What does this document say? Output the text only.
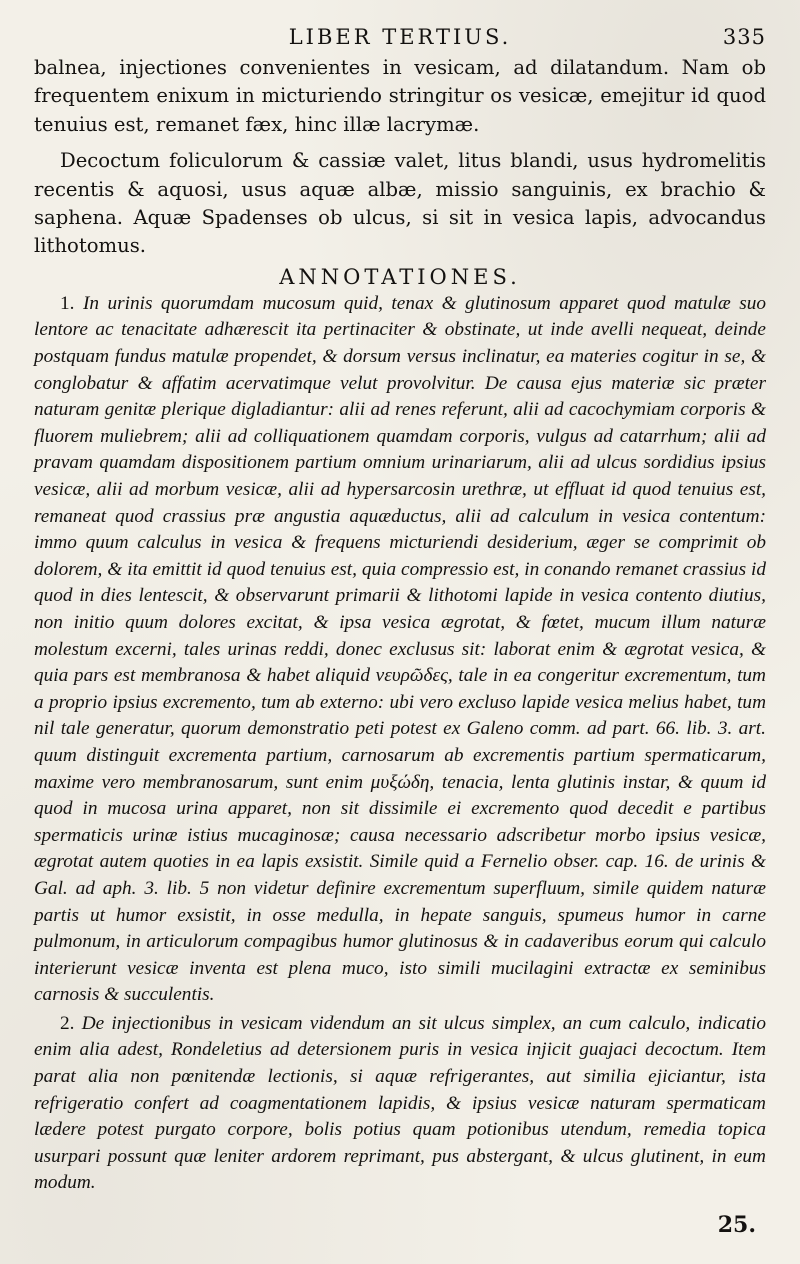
LIBER TERTIUS.	335

balnea, injectiones convenientes in vesicam, ad dilatandum. Nam ob frequentem enixum in micturiendo stringitur os vesicæ, emejitur id quod tenuius est, remanet fæx, hinc illæ lacrymæ.

Decoctum foliculorum & cassiæ valet, litus blandi, usus hydromelitis recentis & aquosi, usus aquæ albæ, missio sanguinis, ex brachio & saphena. Aquæ Spadenses ob ulcus, si sit in vesica lapis, advocandus lithotomus.

ANNOTATIONES.

1. In urinis quorumdam mucosum quid, tenax & glutinosum apparet quod matulæ suo lentore ac tenacitate adhærescit ita pertinaciter & obstinate, ut inde avelli nequeat, deinde postquam fundus matulæ propendet, & dorsum versus inclinatur, ea materies cogitur in se, & conglobatur & affatim acervatimque velut provolvitur. De causa ejus materiæ sic præter naturam genitæ plerique digladiantur: alii ad renes referunt, alii ad cacochymiam corporis & fluorem muliebrem; alii ad colliquationem quamdam corporis, vulgus ad catarrhum; alii ad pravam quamdam dispositionem partium omnium urinariarum, alii ad ulcus sordidius ipsius vesicæ, alii ad morbum vesicæ, alii ad hypersarcosin urethræ, ut effluat id quod tenuius est, remaneat quod crassius præ angustia aquæductus, alii ad calculum in vesica contentum: immo quum calculus in vesica & frequens micturiendi desiderium, æger se comprimit ob dolorem, & ita emittit id quod tenuius est, quia compressio est, in conando remanet crassius id quod in dies lentescit, & observarunt primarii & lithotomi lapide in vesica contento diutius, non initio quum dolores excitat, & ipsa vesica ægrotat, & fœtet, mucum illum naturæ molestum excerni, tales urinas reddi, donec exclusus sit: laborat enim & ægrotat vesica, & quia pars est membranosa & habet aliquid νευρῶδες, tale in ea congeritur excrementum, tum a proprio ipsius excremento, tum ab externo: ubi vero excluso lapide vesica melius habet, tum nil tale generatur, quorum demonstratio peti potest ex Galeno comm. ad part. 66. lib. 3. art. quum distinguit excrementa partium, carnosarum ab excrementis partium spermaticarum, maxime vero membranosarum, sunt enim μυξώδη, tenacia, lenta glutinis instar, & quum id quod in mucosa urina apparet, non sit dissimile ei excremento quod decedit e partibus spermaticis urinæ istius mucaginosæ; causa necessario adscribetur morbo ipsius vesicæ, ægrotat autem quoties in ea lapis exsistit. Simile quid a Fernelio obser. cap. 16. de urinis & Gal. ad aph. 3. lib. 5 non videtur definire excrementum superfluum, simile quidem naturæ partis ut humor exsistit, in osse medulla, in hepate sanguis, spumeus humor in carne pulmonum, in articulorum compagibus humor glutinosus & in cadaveribus eorum qui calculo interierunt vesicæ inventa est plena muco, isto simili mucilagini extractæ ex seminibus carnosis & succulentis.

2. De injectionibus in vesicam videndum an sit ulcus simplex, an cum calculo, indicatio enim alia adest, Rondeletius ad detersionem puris in vesica injicit guajaci decoctum. Item parat alia non pœnitendæ lectionis, si aquæ refrigerantes, aut similia ejiciantur, ista refrigeratio confert ad coagmentationem lapidis, & ipsius vesicæ naturam spermaticam lædere potest purgato corpore, bolis potius quam potionibus utendum, remedia topica usurpari possunt quæ leniter ardorem reprimant, pus abstergant, & ulcus glutinent, in eum modum.

25.
